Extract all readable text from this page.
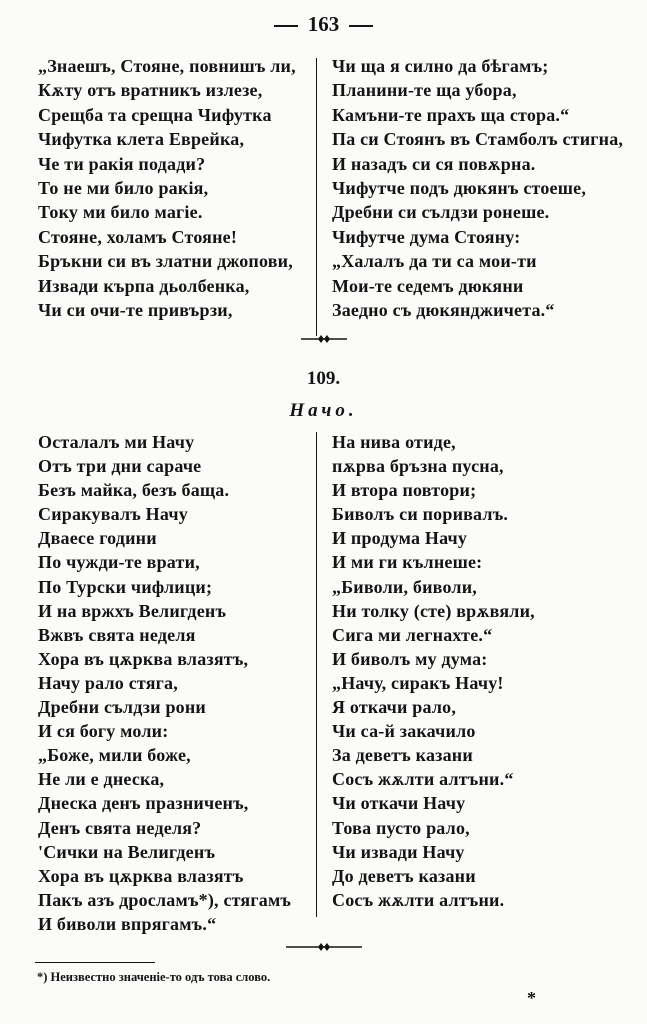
163
„Знаешъ, Стояне, повнишъ ли,
Кѫту отъ вратникъ излезе,
Срещба та срещна Чифутка
Чифутка клета Еврейка,
Че ти ракія подади?
То не ми било ракія,
Току ми било магіе.
Стояне, холамъ Стояне!
Бръкни си въ златни джопови,
Извади кърпа дьолбенка,
Чи си очи-те привързи,
Чи ща я силно да бѣгамъ;
Планини-те ща убора,
Камъни-те прахъ ща стора.“
Па си Стоянъ въ Стамболъ стигна,
И назадъ си ся повѫрна.
Чифутче подъ дюкянъ стоеше,
Дребни си сълдзи ронеше.
Чифутче дума Стояну:
„Халалъ да ти са мои-ти
Мои-те седемъ дюкяни
Заедно съ дюкянджичета.“
109.
Начо.
Осталалъ ми Начу
Отъ три дни сараче
Безъ майка, безъ баща.
Сиракувалъ Начу
Двaeсе години
По чужди-те врати,
По Турски чифлици;
И на вржхъ Велигденъ
Вжвъ свята неделя
Хора въ цѫрква влазятъ,
Начу рало стяга,
Дребни сълдзи рони
И ся богу моли:
„Боже, мили боже,
Не ли е днеска,
Днеска денъ празниченъ,
Денъ свята неделя?
'Сички на Велигденъ
Хора въ цѫрква влазятъ
Пакъ азъ дрoсламъ*), стягамъ
И биволи впрягамъ.“
На нива отиде,
пѫрва бръзна пусна,
И втора повтори;
Биволъ си поривалъ.
И продума Начу
И ми ги кълнеше:
„Биволи, биволи,
Ни толку (сте) врѫвяли,
Сига ми легнахте.“
И биволъ му дума:
„Начу, сиракъ Начу!
Я откачи рало,
Чи са-й закачило
За деветъ казани
Сосъ жѫлти алтъни.“
Чи откачи Начу
Това пусто рало,
Чи извади Начу
До деветъ казани
Сосъ жѫлти алтъни.
*) Неизвестно значеніе-то одъ това слово.
*
